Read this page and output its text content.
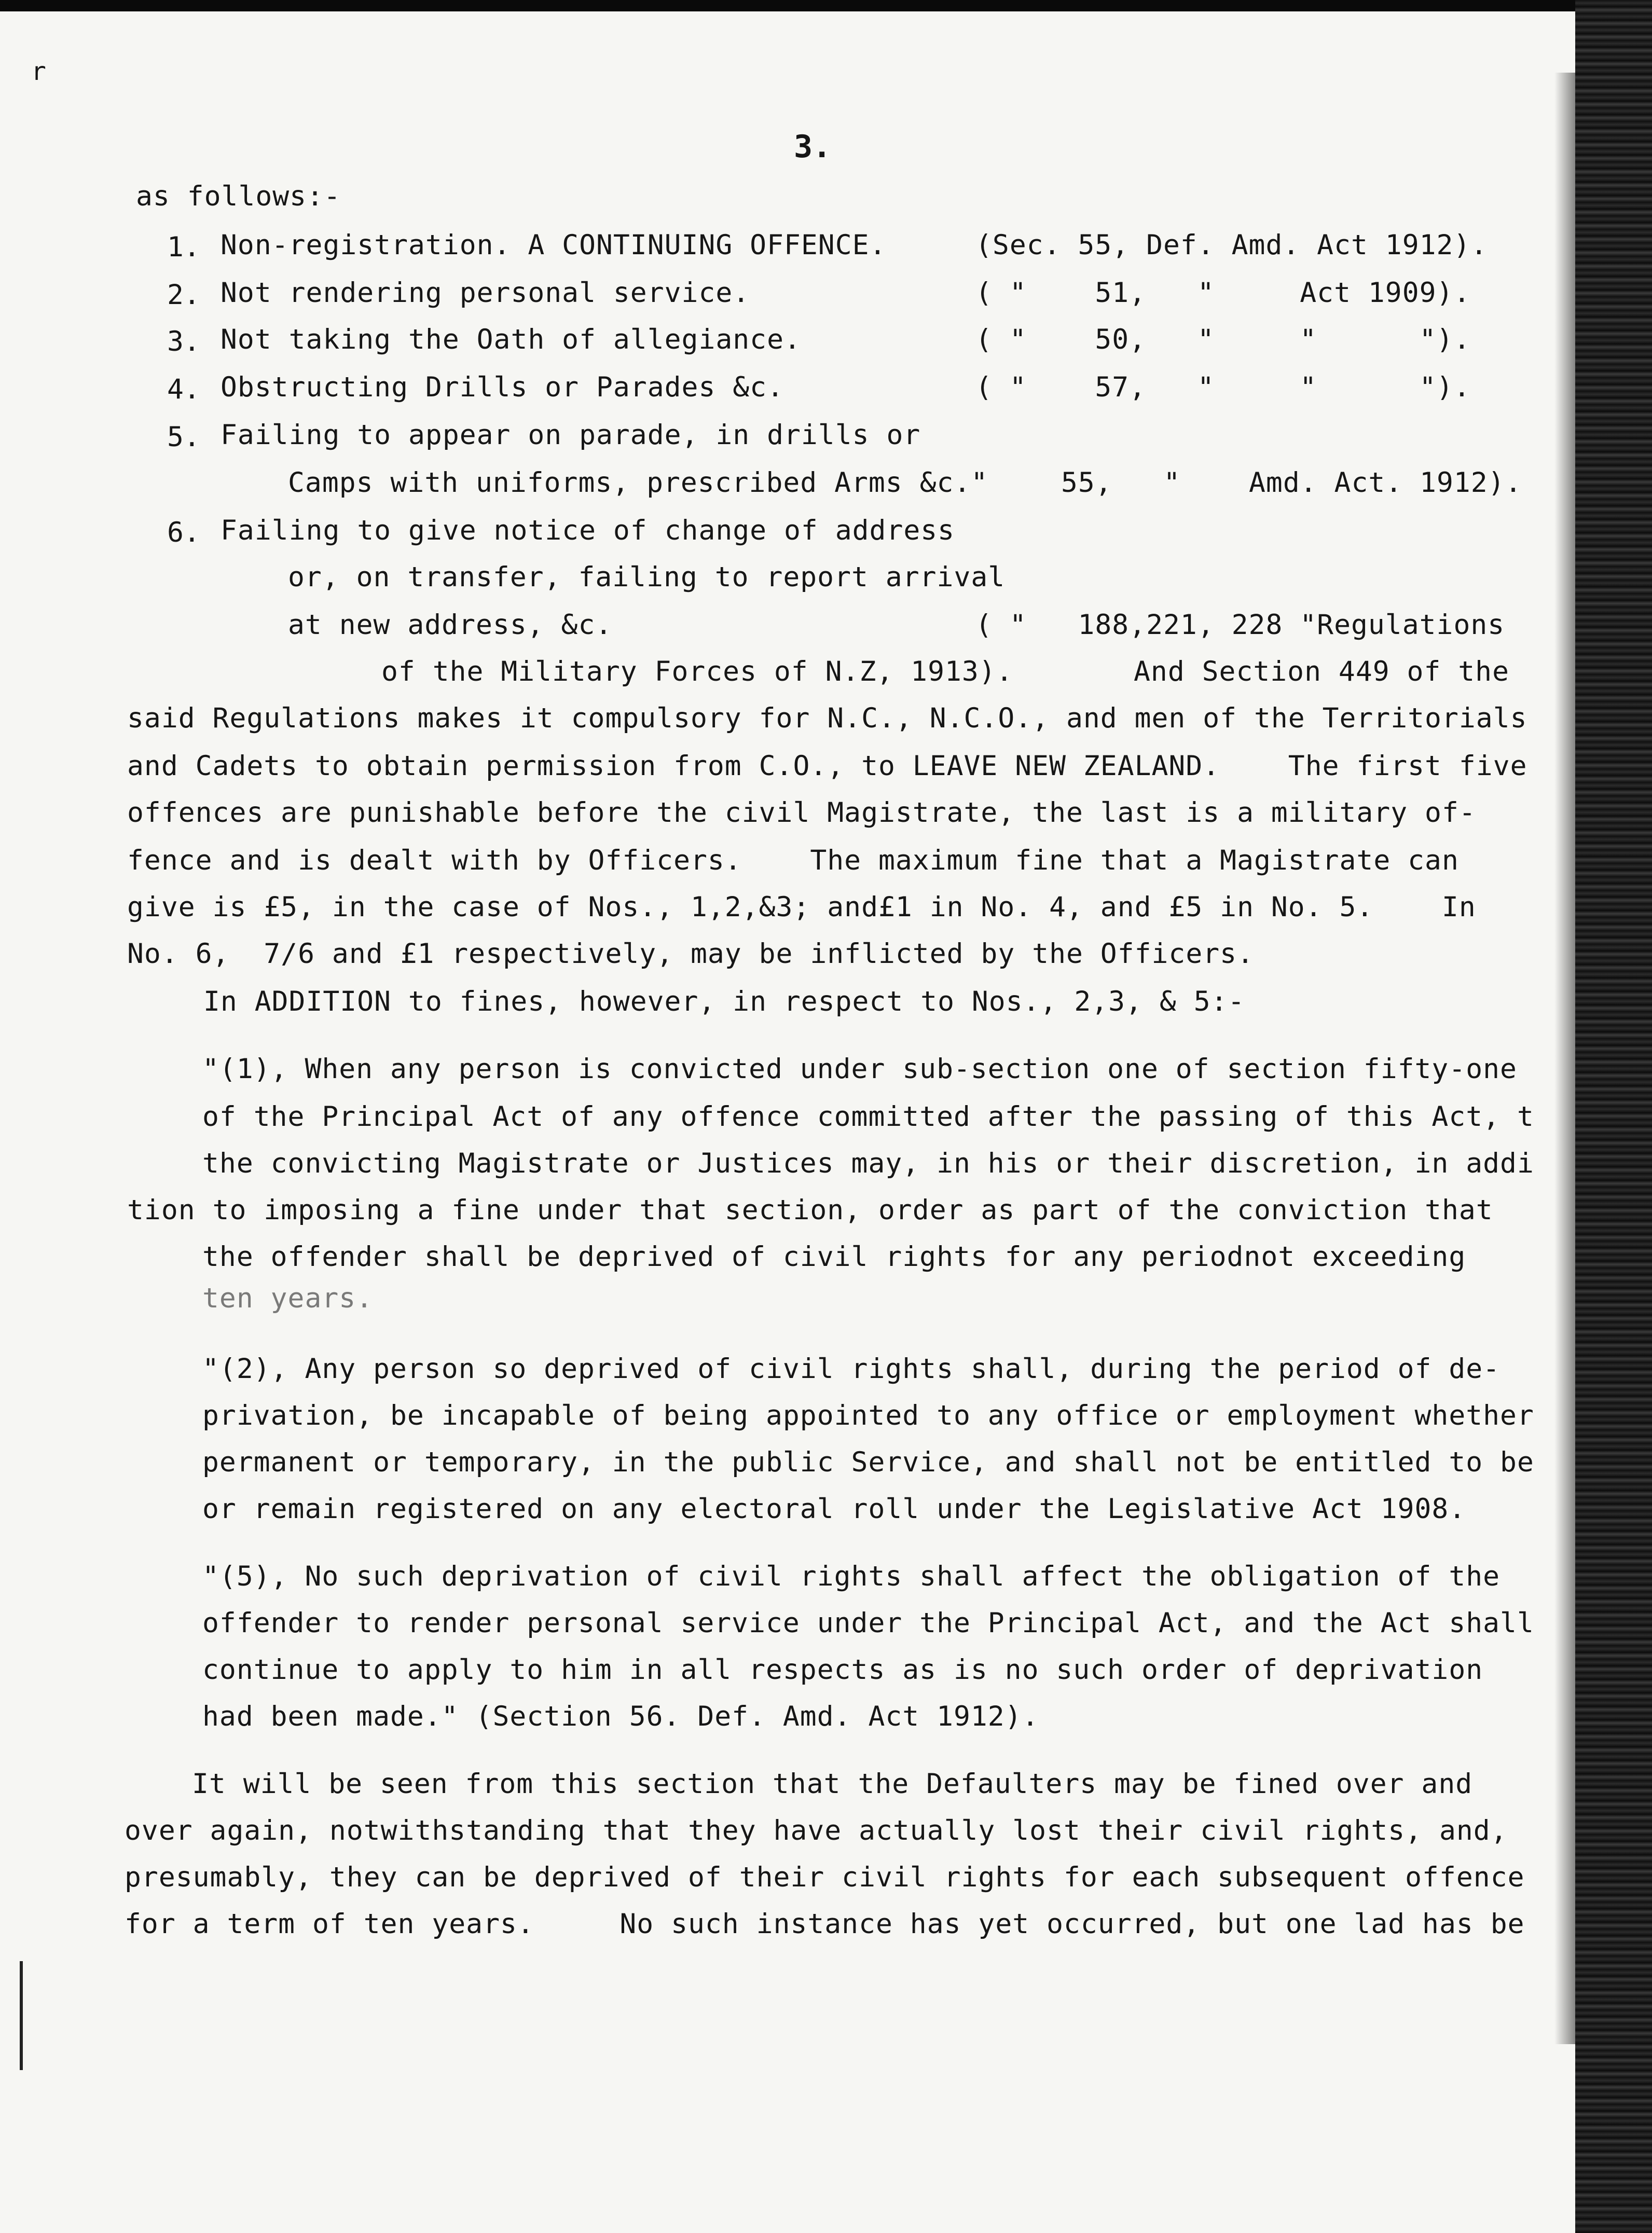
r
3.
as follows:-
1. Non-registration. A CONTINUING OFFENCE.	(Sec. 55, Def. Amd. Act 1912).
2. Not rendering personal service.	( "    51,   "     Act 1909).
3. Not taking the Oath of allegiance.	( "    50,   "     "      ").
4. Obstructing Drills or Parades &c.	( "    57,   "     "      ").
5. Failing to appear on parade, in drills or
Camps with uniforms, prescribed Arms &c."	55,   "    Amd. Act. 1912).
6. Failing to give notice of change of address
or, on transfer, failing to report arrival
at new address, &c.	( "   188,221, 228 "Regulations
of the Military Forces of N.Z, 1913).	And Section 449 of the
said Regulations makes it compulsory for N.C., N.C.O., and men of the Territorials
and Cadets to obtain permission from C.O., to LEAVE NEW ZEALAND.    The first five
offences are punishable before the civil Magistrate, the last is a military of-
fence and is dealt with by Officers.    The maximum fine that a Magistrate can
give is £5, in the case of Nos., 1,2,&3; and£1 in No. 4, and £5 in No. 5.    In
No. 6,  7/6 and £1 respectively, may be inflicted by the Officers.
In ADDITION to fines, however, in respect to Nos., 2,3, & 5:-
"(1), When any person is convicted under sub-section one of section fifty-one
of the Principal Act of any offence committed after the passing of this Act, t
the convicting Magistrate or Justices may, in his or their discretion, in addi
tion to imposing a fine under that section, order as part of the conviction that
the offender shall be deprived of civil rights for any periodnot exceeding
ten years.
"(2), Any person so deprived of civil rights shall, during the period of de-
privation, be incapable of being appointed to any office or employment whether
permanent or temporary, in the public Service, and shall not be entitled to be
or remain registered on any electoral roll under the Legislative Act 1908.
"(5), No such deprivation of civil rights shall affect the obligation of the
offender to render personal service under the Principal Act, and the Act shall
continue to apply to him in all respects as is no such order of deprivation
had been made." (Section 56. Def. Amd. Act 1912).
It will be seen from this section that the Defaulters may be fined over and
over again, notwithstanding that they have actually lost their civil rights, and,
presumably, they can be deprived of their civil rights for each subsequent offence
for a term of ten years.     No such instance has yet occurred, but one lad has be
